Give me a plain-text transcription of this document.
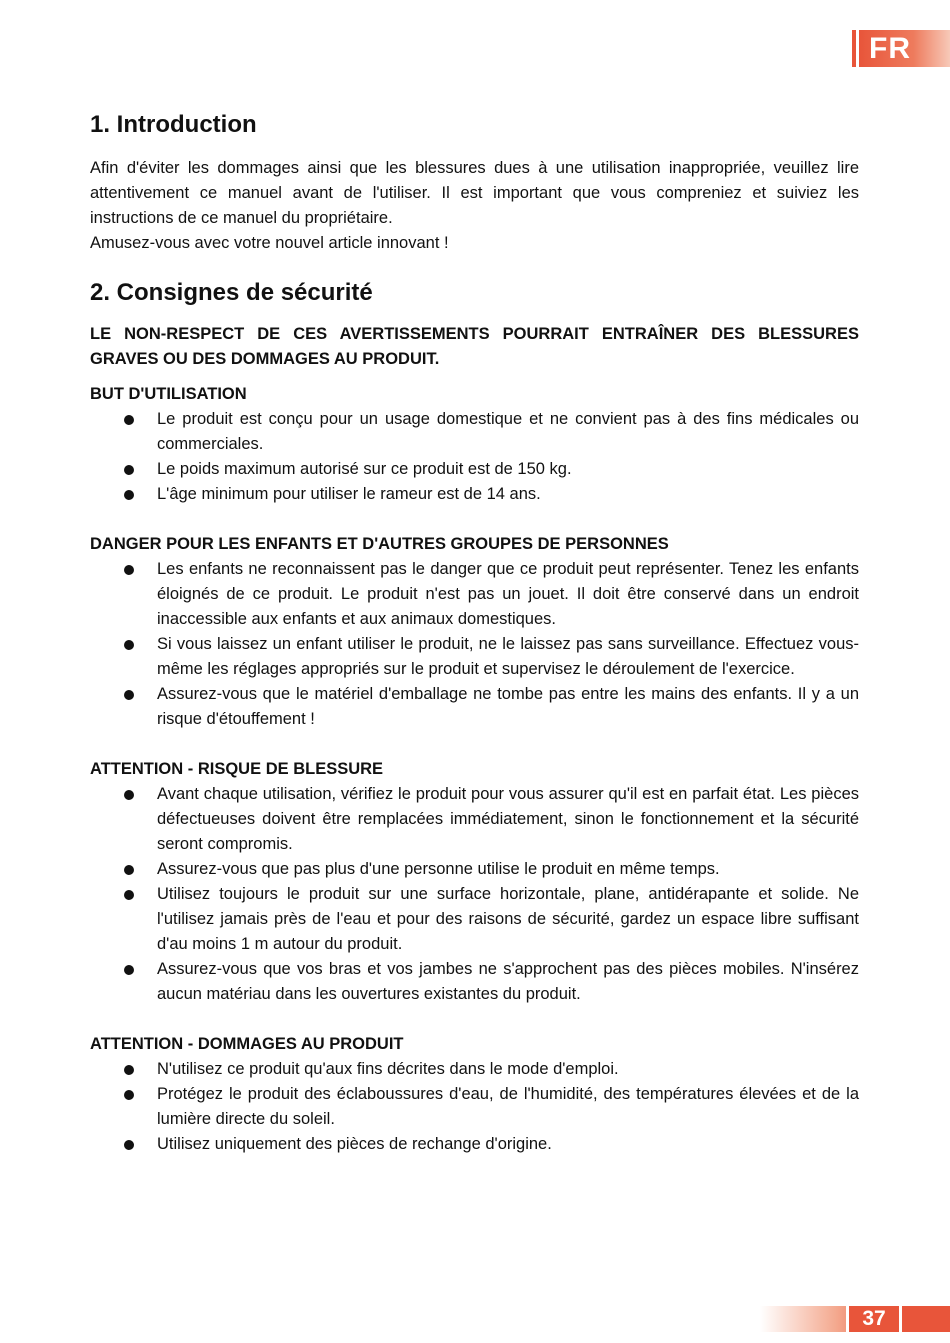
FR
1. Introduction

Afin d'éviter les dommages ainsi que les blessures dues à une utilisation inappropriée, veuillez lire attentivement ce manuel avant de l'utiliser. Il est important que vous compreniez et suiviez les instructions de ce manuel du propriétaire.

Amusez-vous avec votre nouvel article innovant !

2. Consignes de sécurité

LE NON-RESPECT DE CES AVERTISSEMENTS POURRAIT ENTRAÎNER DES BLESSURES GRAVES OU DES DOMMAGES AU PRODUIT.

BUT D'UTILISATION

Le produit est conçu pour un usage domestique et ne convient pas à des fins médicales ou commerciales.
Le poids maximum autorisé sur ce produit est de 150 kg.
L'âge minimum pour utiliser le rameur est de 14 ans.

DANGER POUR LES ENFANTS ET D'AUTRES GROUPES DE PERSONNES

Les enfants ne reconnaissent pas le danger que ce produit peut représenter. Tenez les enfants éloignés de ce produit. Le produit n'est pas un jouet. Il doit être conservé dans un endroit inaccessible aux enfants et aux animaux domestiques.
Si vous laissez un enfant utiliser le produit, ne le laissez pas sans surveillance. Effectuez vous-même les réglages appropriés sur le produit et supervisez le déroulement de l'exercice.
Assurez-vous que le matériel d'emballage ne tombe pas entre les mains des enfants. Il y a un risque d'étouffement !

ATTENTION - RISQUE DE BLESSURE

Avant chaque utilisation, vérifiez le produit pour vous assurer qu'il est en parfait état. Les pièces défectueuses doivent être remplacées immédiatement, sinon le fonctionnement et la sécurité seront compromis.
Assurez-vous que pas plus d'une personne utilise le produit en même temps.
Utilisez toujours le produit sur une surface horizontale, plane, antidérapante et solide. Ne l'utilisez jamais près de l'eau et pour des raisons de sécurité, gardez un espace libre suffisant d'au moins 1 m autour du produit.
Assurez-vous que vos bras et vos jambes ne s'approchent pas des pièces mobiles. N'insérez aucun matériau dans les ouvertures existantes du produit.

ATTENTION - DOMMAGES AU PRODUIT

N'utilisez ce produit qu'aux fins décrites dans le mode d'emploi.
Protégez le produit des éclaboussures d'eau, de l'humidité, des températures élevées et de la lumière directe du soleil.
Utilisez uniquement des pièces de rechange d'origine.
37
